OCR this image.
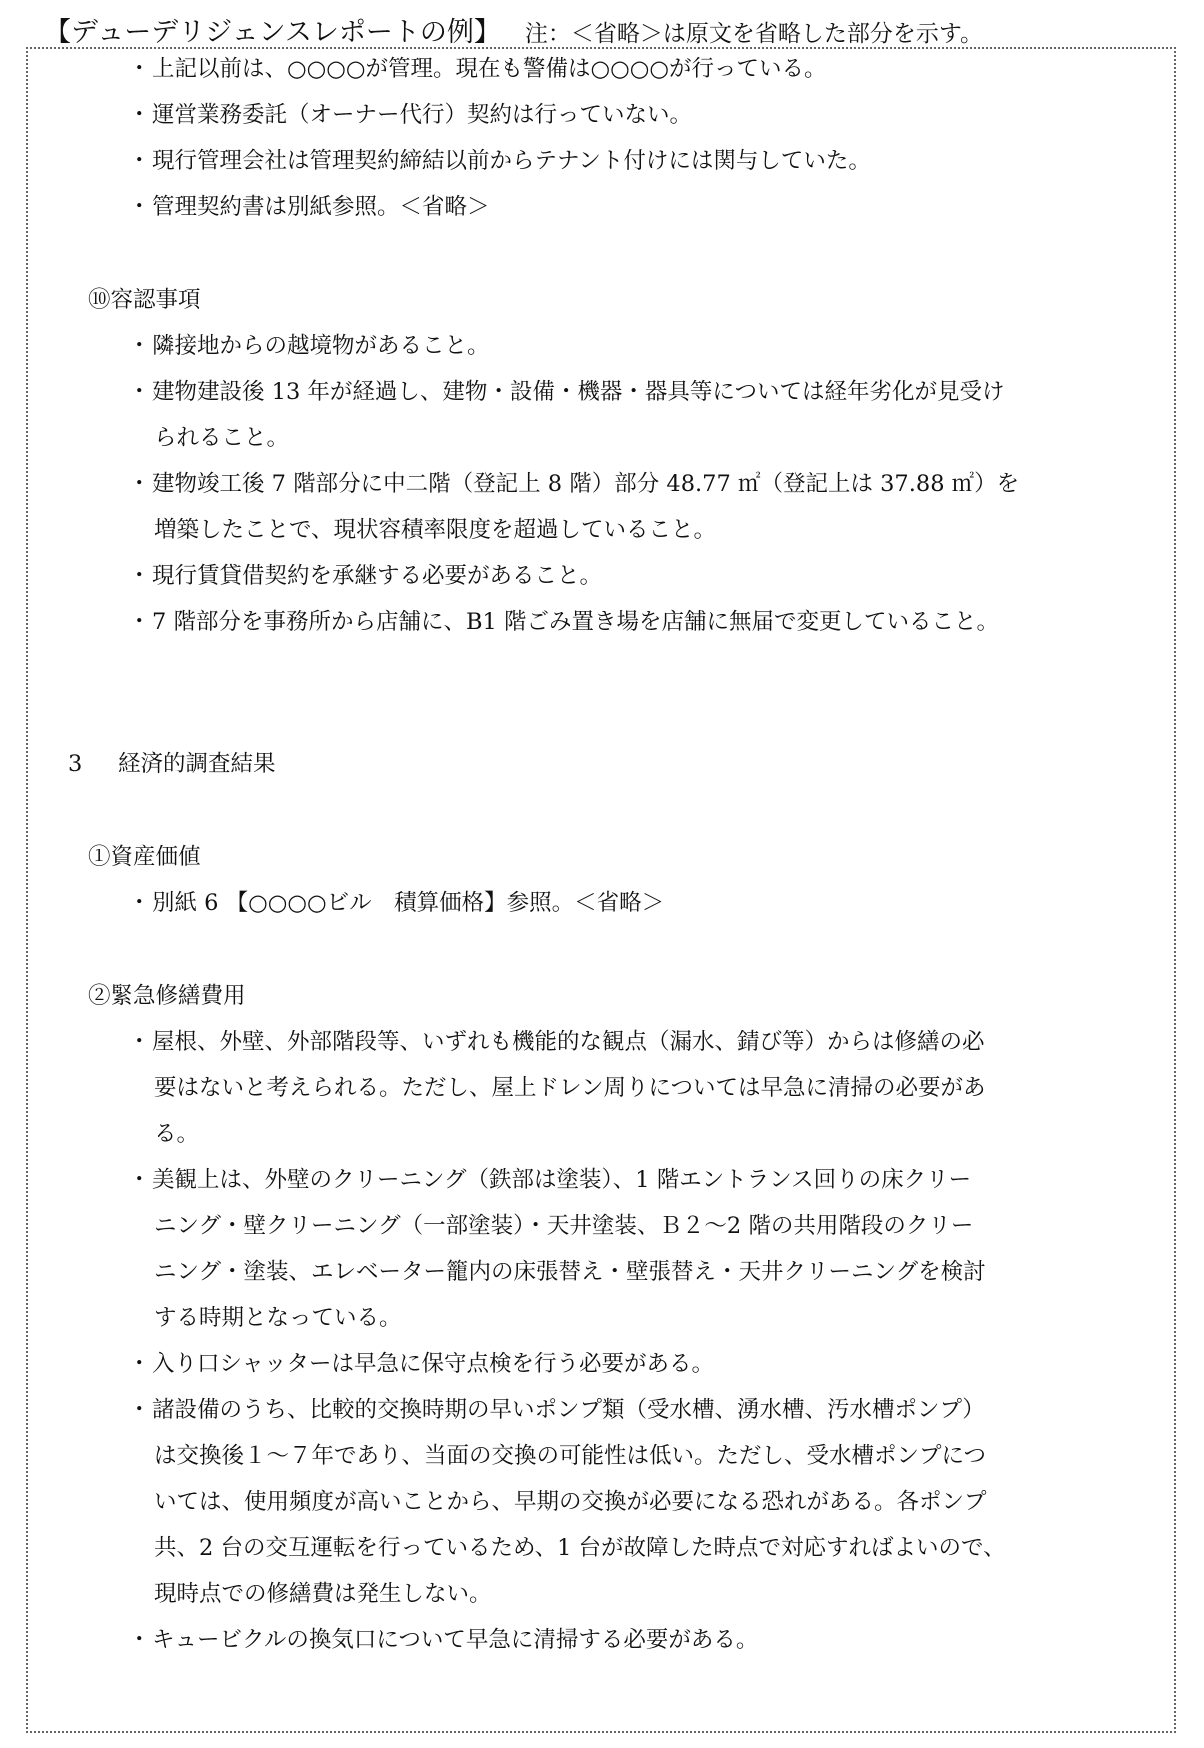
【デューデリジェンスレポートの例】 注：＜省略＞は原文を省略した部分を示す。
・上記以前は、○○○○が管理。現在も警備は○○○○が行っている。
・運営業務委託（オーナー代行）契約は行っていない。
・現行管理会社は管理契約締結以前からテナント付けには関与していた。
・管理契約書は別紙参照。＜省略＞
⑩容認事項
・隣接地からの越境物があること。
・建物建設後 13 年が経過し、建物・設備・機器・器具等については経年劣化が見受け
られること。
・建物竣工後 7 階部分に中二階（登記上 8 階）部分 48.77 ㎡（登記上は 37.88 ㎡）を
増築したことで、現状容積率限度を超過していること。
・現行賃貸借契約を承継する必要があること。
・7 階部分を事務所から店舗に、B1 階ごみ置き場を店舗に無届で変更していること。
3 経済的調査結果
①資産価値
・別紙 6 【○○○○ビル　積算価格】参照。＜省略＞
②緊急修繕費用
・屋根、外壁、外部階段等、いずれも機能的な観点（漏水、錆び等）からは修繕の必
要はないと考えられる。ただし、屋上ドレン周りについては早急に清掃の必要があ
る。
・美観上は、外壁のクリーニング（鉄部は塗装）、1 階エントランス回りの床クリー
ニング・壁クリーニング（一部塗装）・天井塗装、Ｂ２～2 階の共用階段のクリー
ニング・塗装、エレベーター籠内の床張替え・壁張替え・天井クリーニングを検討
する時期となっている。
・入り口シャッターは早急に保守点検を行う必要がある。
・諸設備のうち、比較的交換時期の早いポンプ類（受水槽、湧水槽、汚水槽ポンプ）
は交換後１～７年であり、当面の交換の可能性は低い。ただし、受水槽ポンプにつ
いては、使用頻度が高いことから、早期の交換が必要になる恐れがある。各ポンプ
共、2 台の交互運転を行っているため、1 台が故障した時点で対応すればよいので、
現時点での修繕費は発生しない。
・キュービクルの換気口について早急に清掃する必要がある。
